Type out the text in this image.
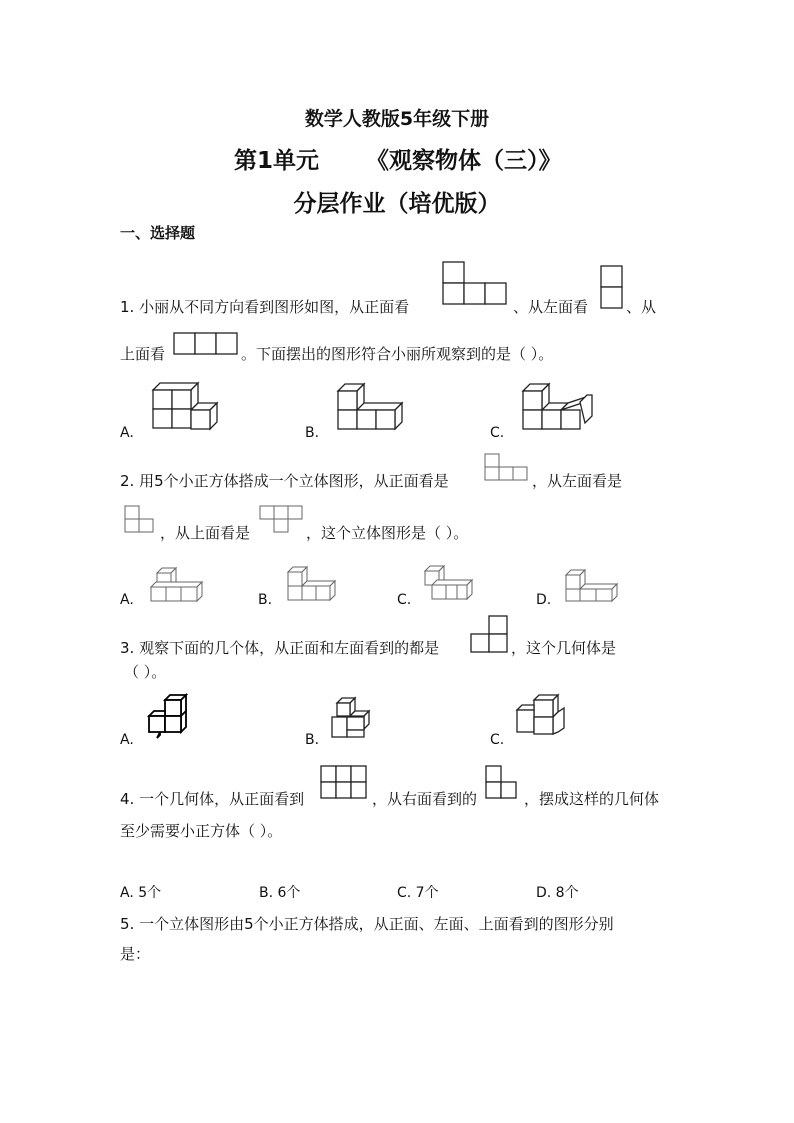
数学人教版5年级下册
第1单元 《观察物体（三）》
分层作业（培优版）
一、选择题
1. 小丽从不同方向看到图形如图，从正面看	、从左面看	、从
上面看	。下面摆出的图形符合小丽所观察到的是（ ）。
A.	B.	C.
2. 用5个小正方体搭成一个立体图形，从正面看是	，从左面看是
，从上面看是	，这个立体图形是（ ）。
A.	B.	C.	D.
3. 观察下面的几个体，从正面和左面看到的都是	，这个几何体是
（ ）。
A.	B.	C.
4. 一个几何体，从正面看到	，从右面看到的	，摆成这样的几何体
至少需要小正方体（ ）。
A. 5个	B. 6个	C. 7个	D. 8个
5. 一个立体图形由5个小正方体搭成，从正面、左面、上面看到的图形分别
是：
